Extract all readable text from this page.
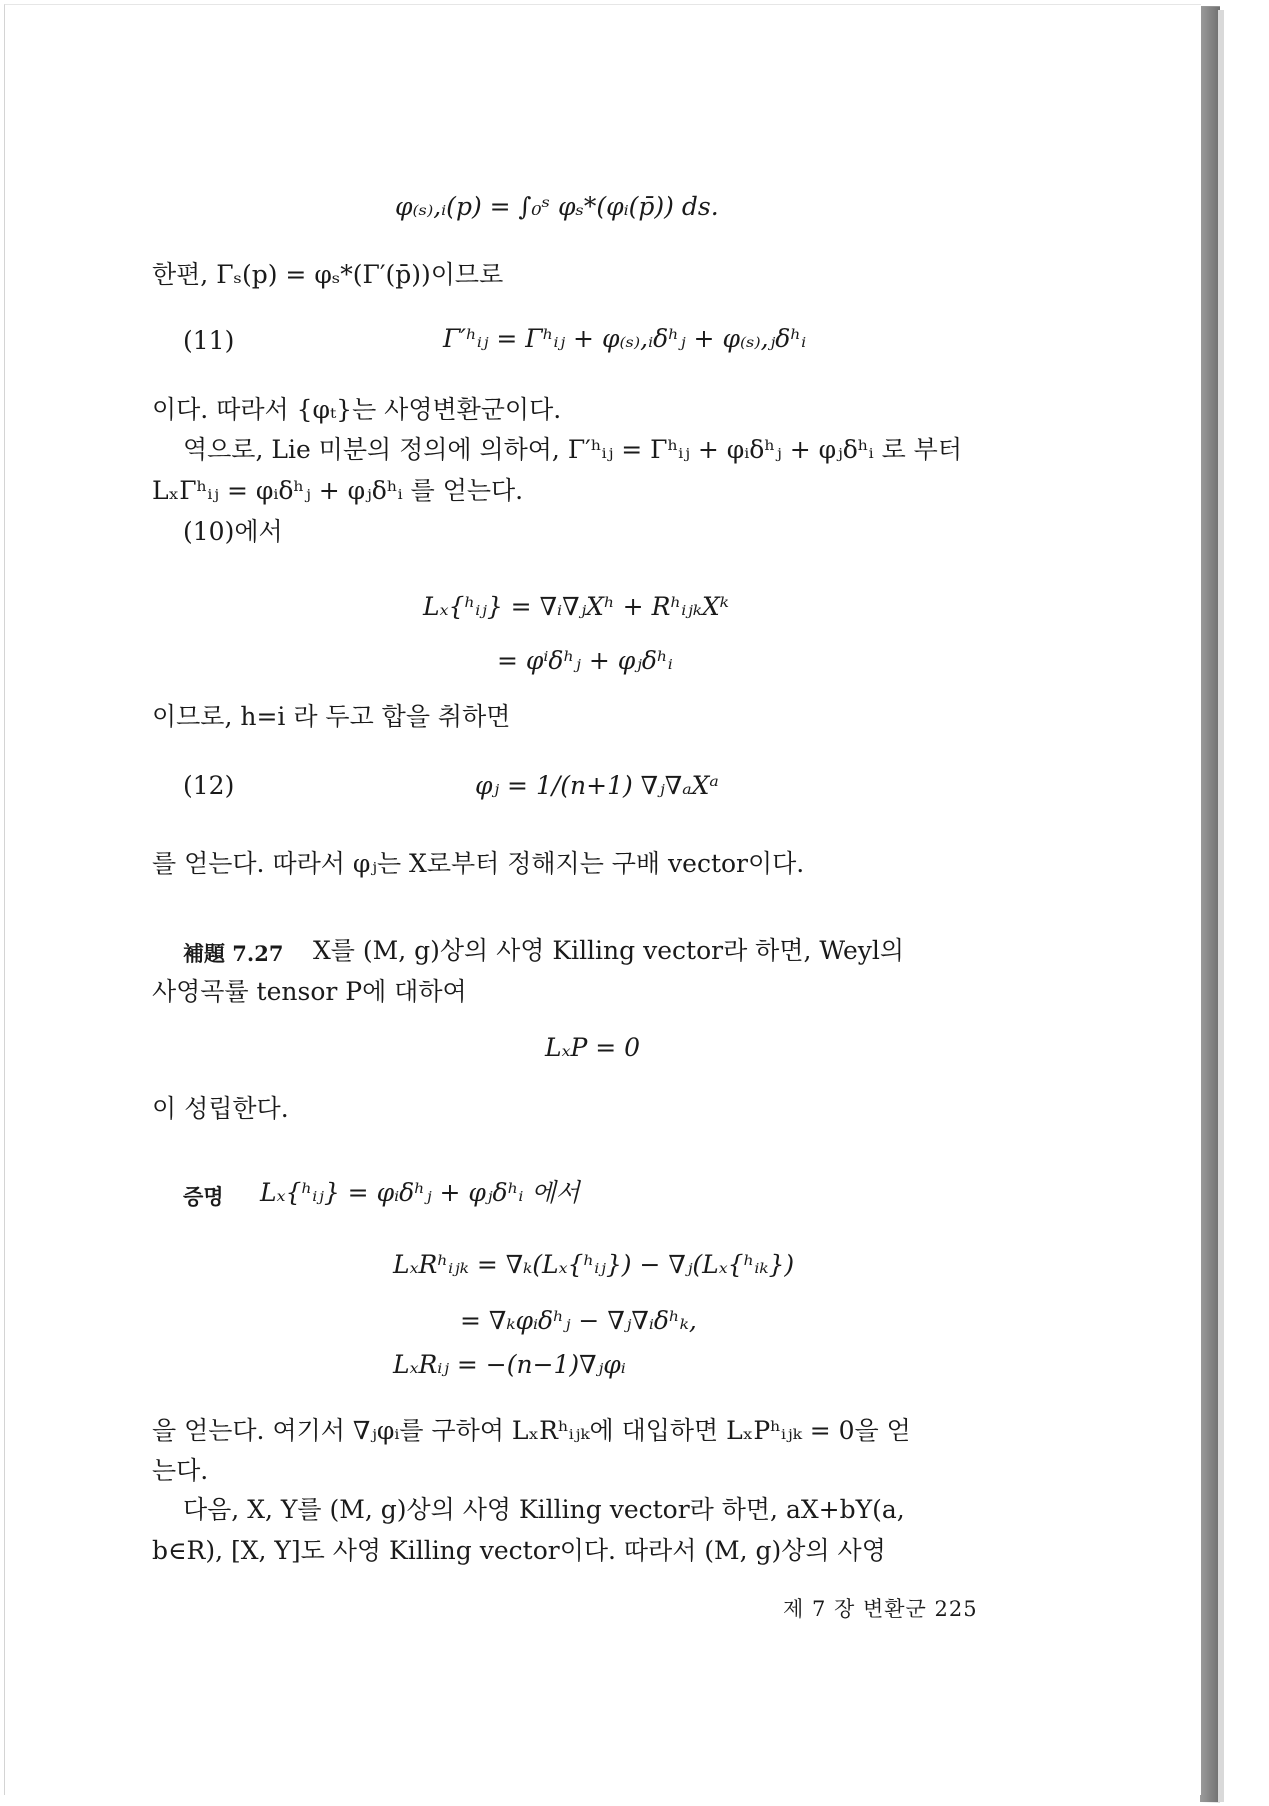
φ₍ₛ₎,ᵢ(p) = ∫₀ˢ φₛ*(φᵢ(p̄)) ds.
한편, Γₛ(p) = φₛ*(Γ′(p̄))이므로
(11)	Γ′ʰᵢⱼ = Γʰᵢⱼ + φ₍ₛ₎,ᵢδʰⱼ + φ₍ₛ₎,ⱼδʰᵢ
이다. 따라서 {φₜ}는 사영변환군이다.
역으로, Lie 미분의 정의에 의하여, Γ′ʰᵢⱼ = Γʰᵢⱼ + φᵢδʰⱼ + φⱼδʰᵢ 로 부터
LₓΓʰᵢⱼ = φᵢδʰⱼ + φⱼδʰᵢ 를 얻는다.
(10)에서
Lₓ{ʰᵢⱼ} = ∇ᵢ∇ⱼXʰ + RʰᵢⱼₖXᵏ
= φⁱδʰⱼ + φⱼδʰᵢ
이므로, h=i 라 두고 합을 취하면
(12)	φⱼ = 1/(n+1) ∇ⱼ∇ₐXᵃ
를 얻는다. 따라서 φⱼ는 X로부터 정해지는 구배 vector이다.
補題 7.27 X를 (M, g)상의 사영 Killing vector라 하면, Weyl의
사영곡률 tensor P에 대하여
LₓP = 0
이 성립한다.
증명 Lₓ{ʰᵢⱼ} = φᵢδʰⱼ + φⱼδʰᵢ 에서
LₓRʰᵢⱼₖ = ∇ₖ(Lₓ{ʰᵢⱼ}) − ∇ⱼ(Lₓ{ʰᵢₖ})
= ∇ₖφᵢδʰⱼ − ∇ⱼ∇ᵢδʰₖ,
LₓRᵢⱼ = −(n−1)∇ⱼφᵢ
을 얻는다. 여기서 ∇ⱼφᵢ를 구하여 LₓRʰᵢⱼₖ에 대입하면 LₓPʰᵢⱼₖ = 0을 얻
는다.
다음, X, Y를 (M, g)상의 사영 Killing vector라 하면, aX+bY(a,
b∈R), [X, Y]도 사영 Killing vector이다. 따라서 (M, g)상의 사영
제 7 장 변환군 225
